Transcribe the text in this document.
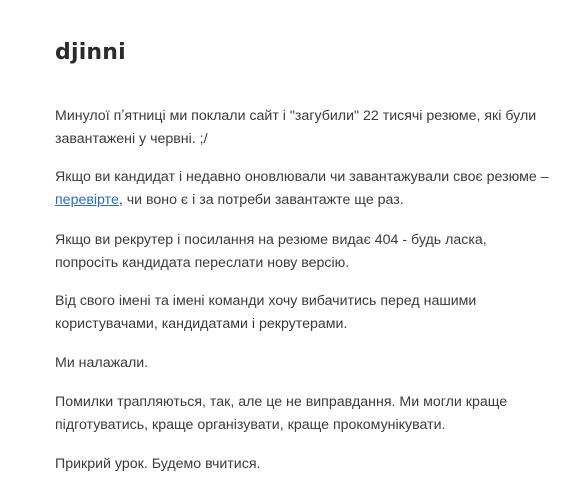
djinni

Минулої пʼятниці ми поклали сайт і "загубили" 22 тисячі резюме, які були завантажені у червні. ;/

Якщо ви кандидат і недавно оновлювали чи завантажували своє резюме – перевірте, чи воно є і за потреби завантажте ще раз.

Якщо ви рекрутер і посилання на резюме видає 404 - будь ласка, попросіть кандидата переслати нову версію.

Від свого імені та імені команди хочу вибачитись перед нашими користувачами, кандидатами і рекрутерами.

Ми налажали.

Помилки трапляються, так, але це не виправдання. Ми могли краще підготуватись, краще організувати, краще прокомунікувати.

Прикрий урок. Будемо вчитися.
